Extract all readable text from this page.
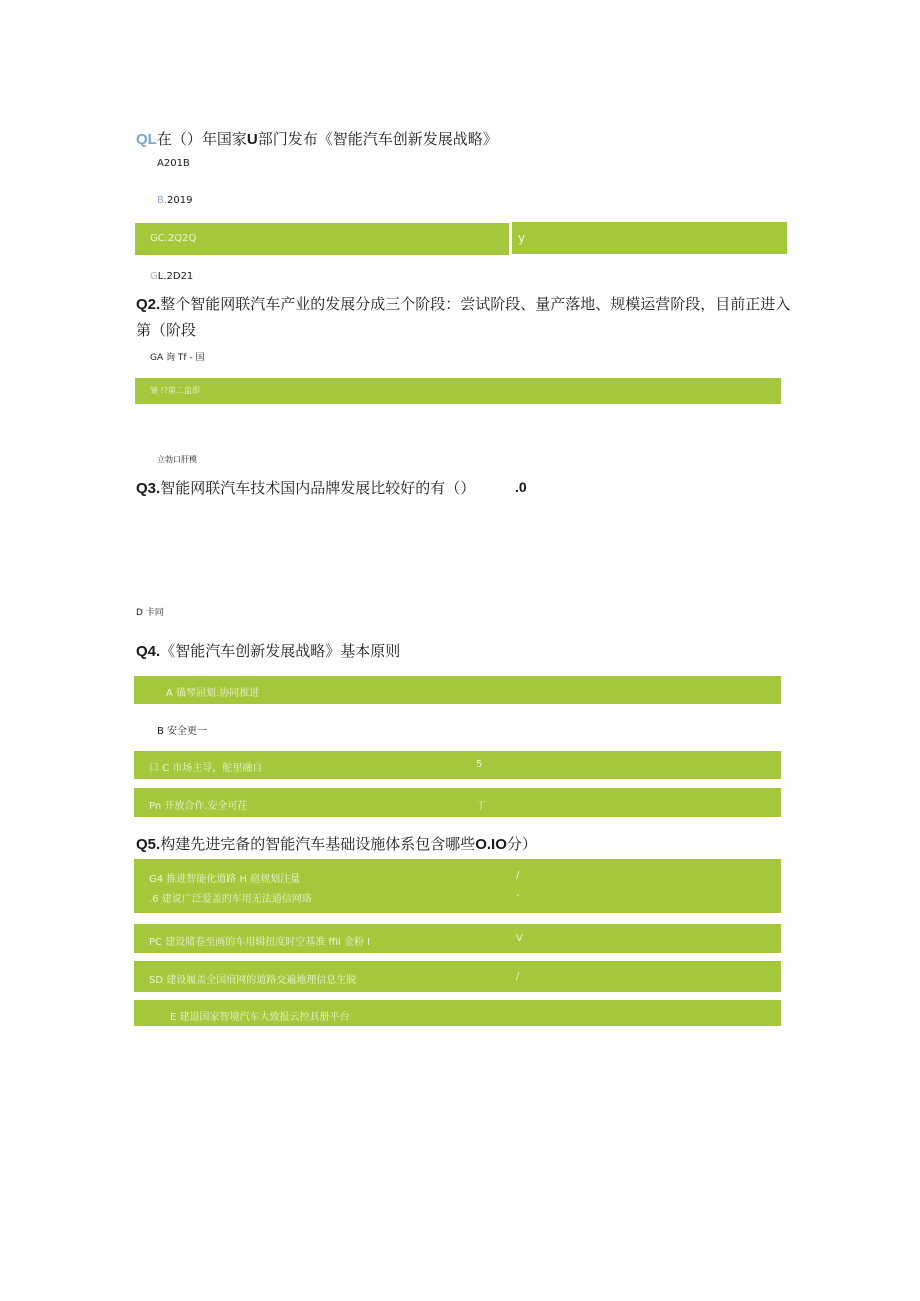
QL在（）年国家U部门发布《智能汽车创新发展战略》
A201B
B.2019
GC.2Q2Q	y
GL.2D21
Q2.整个智能网联汽车产业的发展分成三个阶段：尝试阶段、量产落地、规模运营阶段，目前正进入
第（阶段
GA 询 Tf - 国
皱 !?第二盅即
立勃口肝模
Q3.智能网联汽车技术国内品牌发展比较好的有（）	.0
D 卡同
Q4.《智能汽车创新发展战略》基本原则
A 锚琴屈划.协同推进
B 安全更一
口 C 市场主导，舵里融自	5
Pn 开放合作.安全可茌	丁
Q5.构建先进完备的智能汽车基础设施体系包含哪些O.IO分）
G4 推进智能化道路 H 扈规划注量	/
.6 建说广泛爱盖的车用无法通信网珞	-
PC 建设睹卷至画的车用辑扭度时空基准 ffil 金粉 I	V
SD 建设履盖全国痕网的道路交遍地理信息生脱	/
E 建退国家智境汽车大致报云控具册平台
